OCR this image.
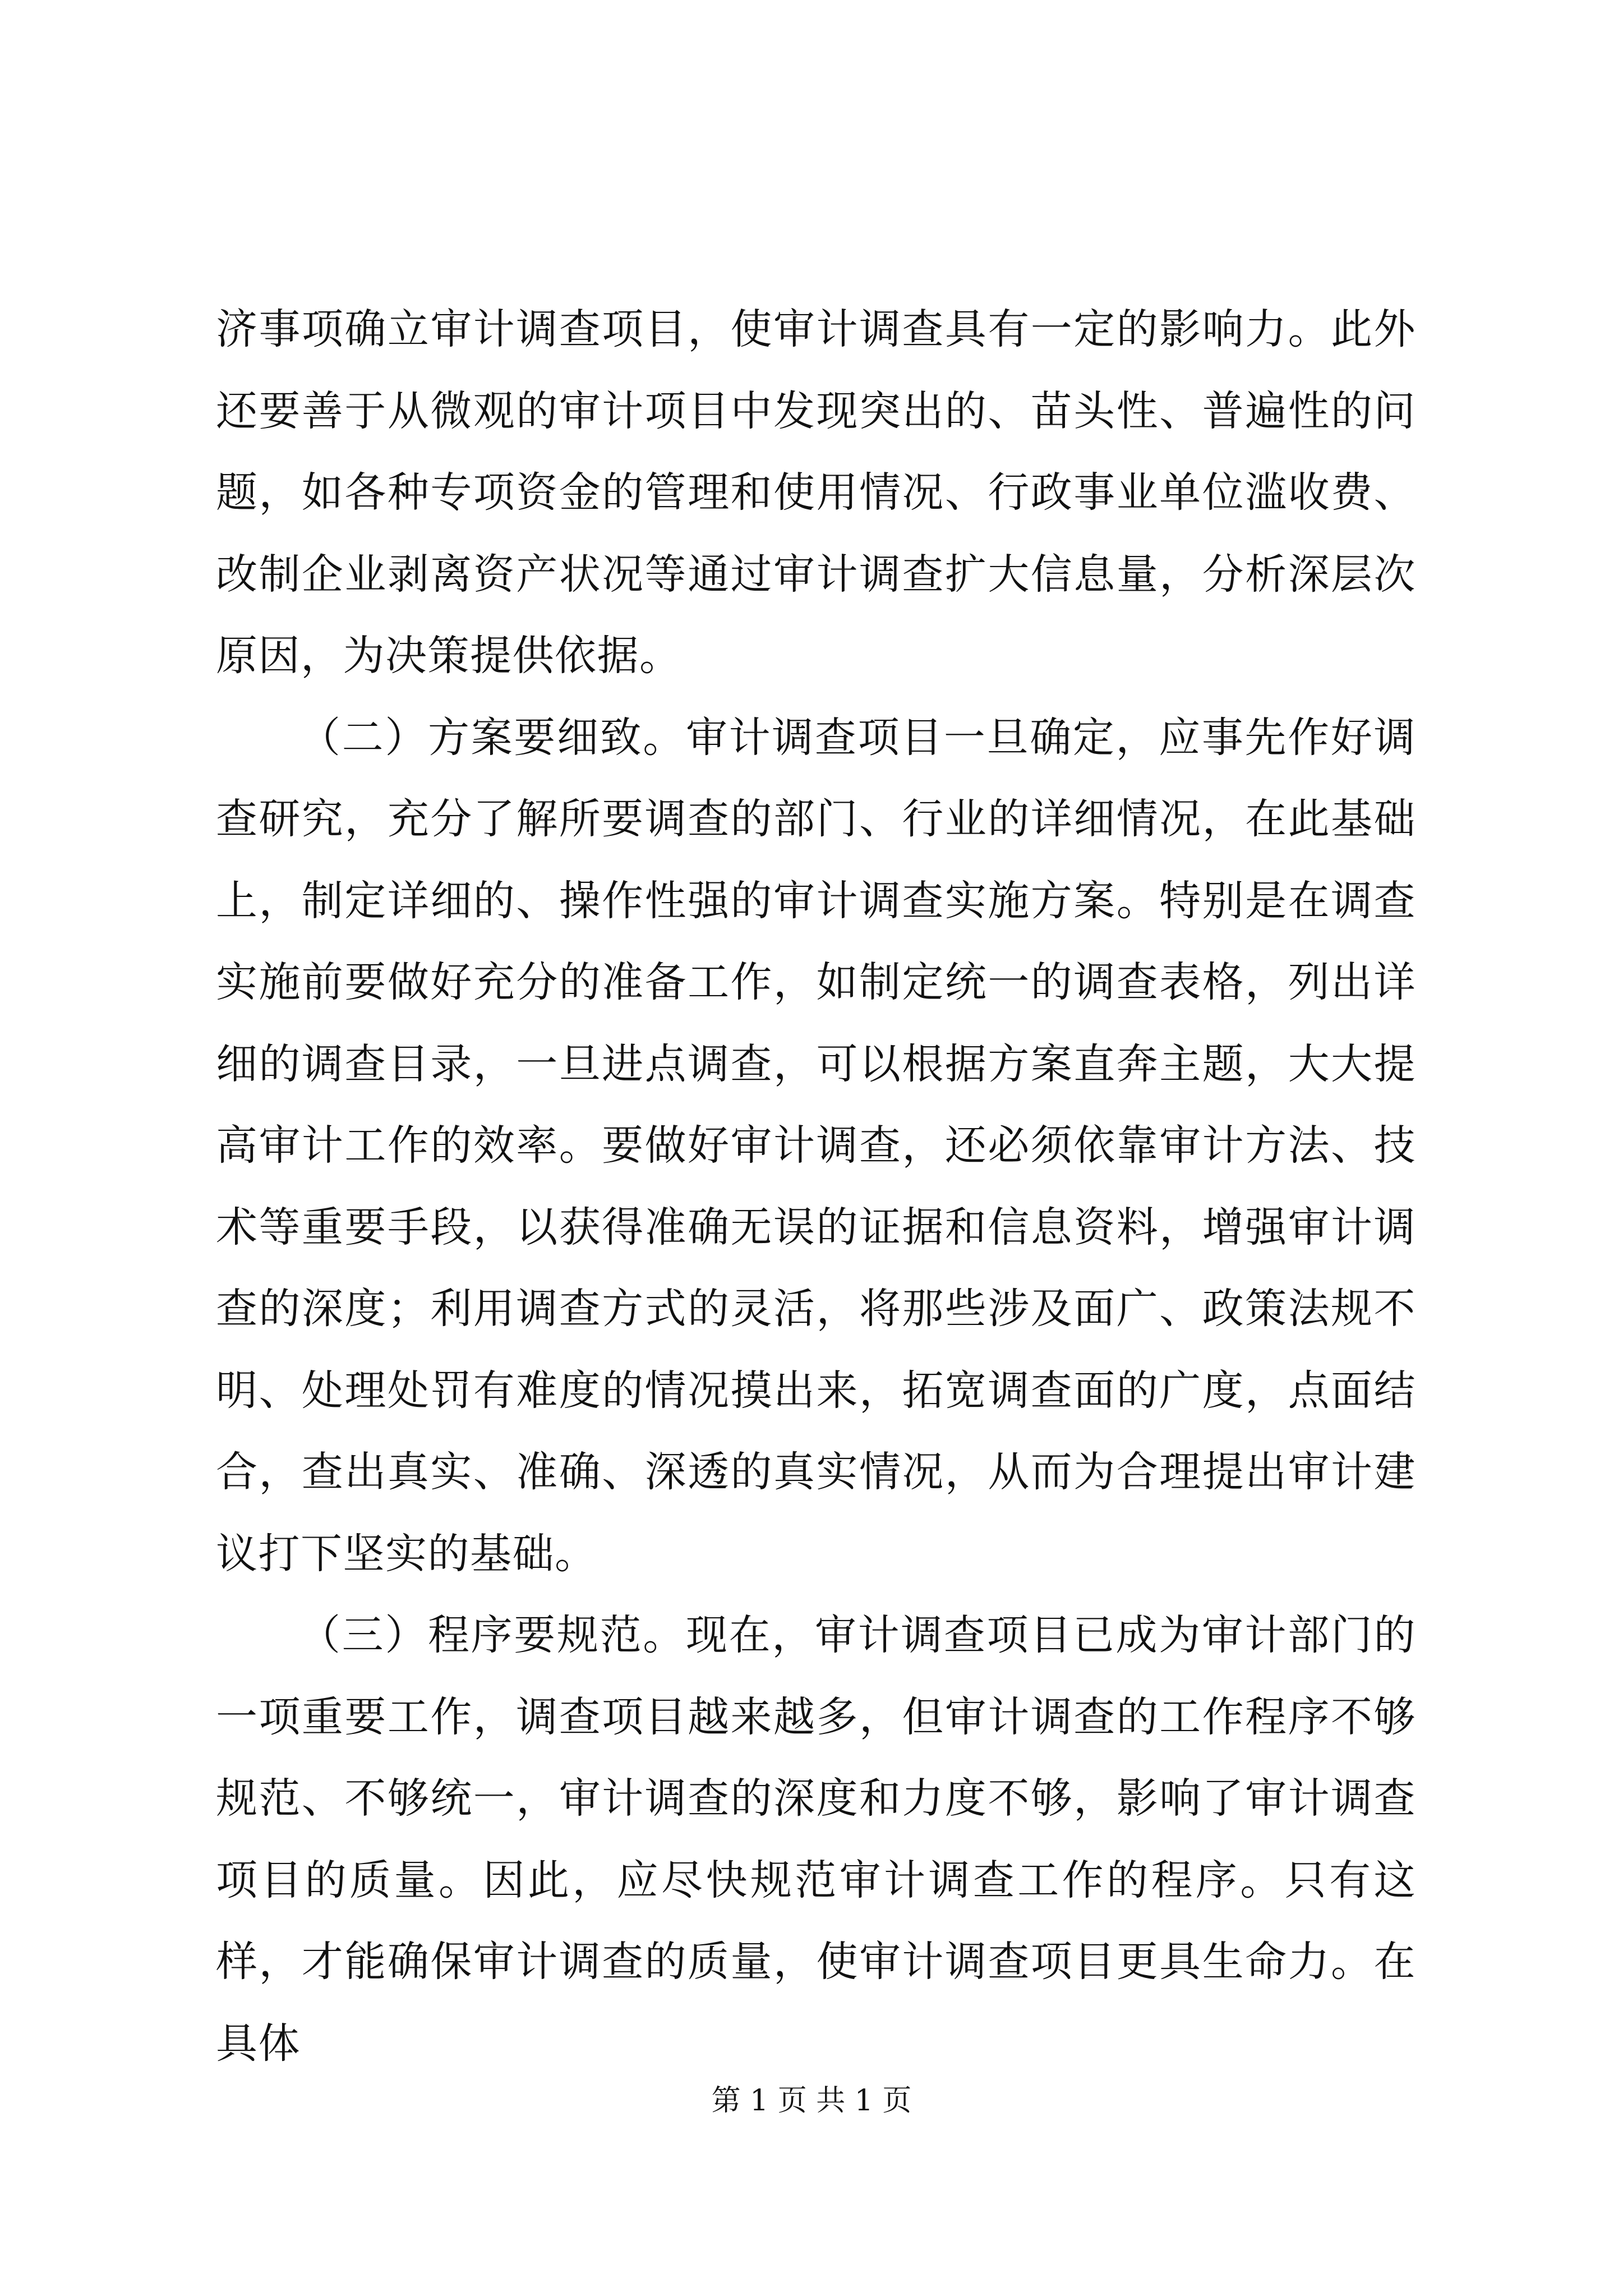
济事项确立审计调查项目，使审计调查具有一定的影响力。此外还要善于从微观的审计项目中发现突出的、苗头性、普遍性的问题，如各种专项资金的管理和使用情况、行政事业单位滥收费、改制企业剥离资产状况等通过审计调查扩大信息量，分析深层次原因，为决策提供依据。

（二）方案要细致。审计调查项目一旦确定，应事先作好调查研究，充分了解所要调查的部门、行业的详细情况，在此基础上，制定详细的、操作性强的审计调查实施方案。特别是在调查实施前要做好充分的准备工作，如制定统一的调查表格，列出详细的调查目录，一旦进点调查，可以根据方案直奔主题，大大提高审计工作的效率。要做好审计调查，还必须依靠审计方法、技术等重要手段，以获得准确无误的证据和信息资料，增强审计调查的深度；利用调查方式的灵活，将那些涉及面广、政策法规不明、处理处罚有难度的情况摸出来，拓宽调查面的广度，点面结合，查出真实、准确、深透的真实情况，从而为合理提出审计建议打下坚实的基础。

（三）程序要规范。现在，审计调查项目已成为审计部门的一项重要工作，调查项目越来越多，但审计调查的工作程序不够规范、不够统一，审计调查的深度和力度不够，影响了审计调查项目的质量。因此，应尽快规范审计调查工作的程序。只有这样，才能确保审计调查的质量，使审计调查项目更具生命力。在具体

第 1 页 共 1 页
